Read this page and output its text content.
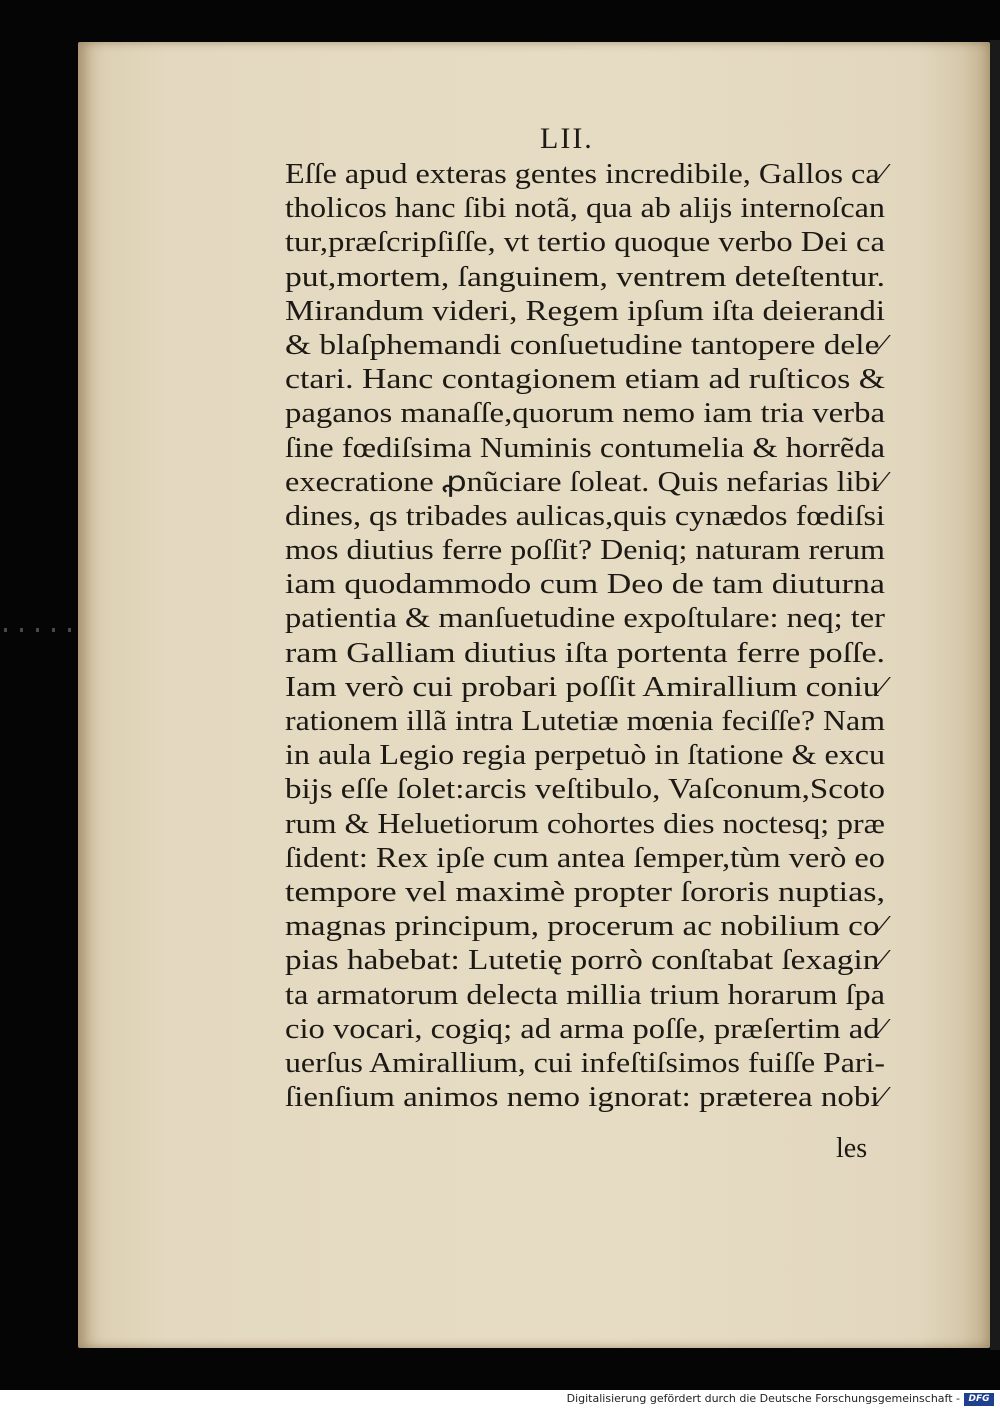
LII.
Eſſe apud exteras gentes incredibile, Gallos ca⁄
tholicos hanc ſibi notã, qua ab alĳs internoſcan
tur,præſcripſiſſe, vt tertio quoque verbo Dei ca
put,mortem, ſanguinem, ventrem deteſtentur.
Mirandum videri, Regem ipſum iſta deierandi
& blaſphemandi conſuetudine tantopere dele⁄
ctari. Hanc contagionem etiam ad ruſticos &
paganos manaſſe,quorum nemo iam tria verba
ſine fœdiſsima Numinis contumelia & horrẽda
execratione ꝓnũciare ſoleat. Quis nefarias libi⁄
dines, qs tribades aulicas,quis cynædos fœdiſsi
mos diutius ferre poſſit? Deniq; naturam rerum
iam quodammodo cum Deo de tam diuturna
patientia & manſuetudine expoſtulare: neq; ter
ram Galliam diutius iſta portenta ferre poſſe.
Iam verò cui probari poſſit Amirallium coniu⁄
rationem illã intra Lutetiæ mœnia feciſſe? Nam
in aula Legio regia perpetuò in ſtatione & excu
bĳs eſſe ſolet:arcis veſtibulo, Vaſconum,Scoto
rum & Heluetiorum cohortes dies noctesq; præ
ſident: Rex ipſe cum antea ſemper,tùm verò eo
tempore vel maximè propter ſororis nuptias,
magnas principum, procerum ac nobilium co⁄
pias habebat: Lutetię porrò conſtabat ſexagin⁄
ta armatorum delecta millia trium horarum ſpa
cio vocari, cogiq; ad arma poſſe, præſertim ad⁄
uerſus Amirallium, cui infeſtiſsimos fuiſſe Pari-
ſienſium animos nemo ignorat: præterea nobi⁄
les
Digitalisierung gefördert durch die Deutsche Forschungsgemeinschaft - DFG
